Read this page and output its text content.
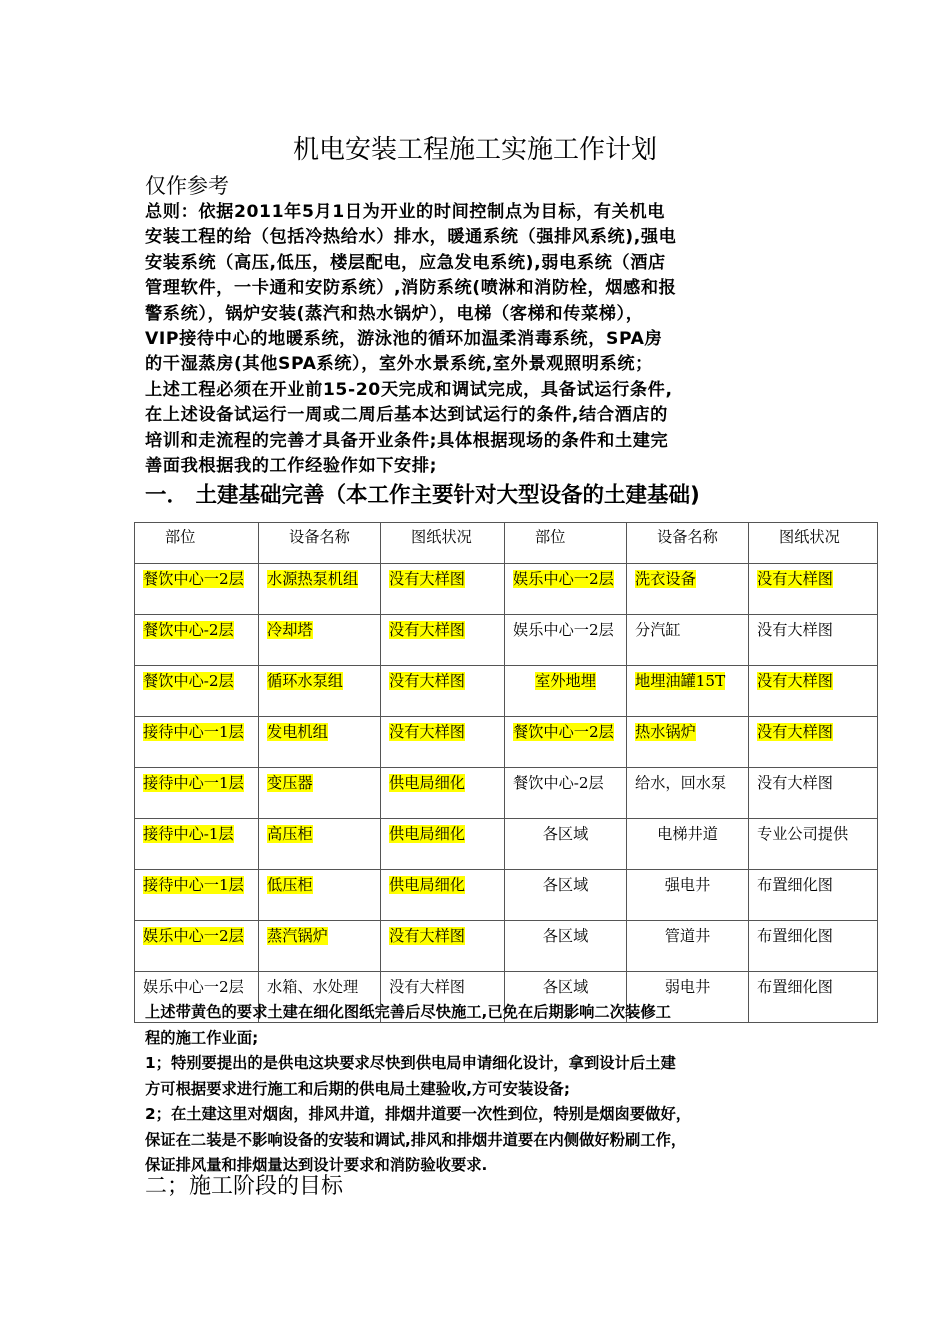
机电安装工程施工实施工作计划
仅作参考
总则：依据2011年5月1日为开业的时间控制点为目标，有关机电
安装工程的给（包括冷热给水）排水，暖通系统（强排风系统),强电
安装系统（高压,低压，楼层配电，应急发电系统),弱电系统（酒店
管理软件，一卡通和安防系统）,消防系统(喷淋和消防栓，烟感和报
警系统），锅炉安装(蒸汽和热水锅炉），电梯（客梯和传菜梯），
VIP接待中心的地暖系统，游泳池的循环加温柔消毒系统，SPA房
的干湿蒸房(其他SPA系统），室外水景系统,室外景观照明系统；
上述工程必须在开业前15-20天完成和调试完成，具备试运行条件,
在上述设备试运行一周或二周后基本达到试运行的条件,结合酒店的
培训和走流程的完善才具备开业条件;具体根据现场的条件和土建完
善面我根据我的工作经验作如下安排;
一． 土建基础完善（本工作主要针对大型设备的土建基础)
部位	设备名称	图纸状况	部位	设备名称	图纸状况
餐饮中心一2层	水源热泵机组	没有大样图	娱乐中心一2层	洗衣设备	没有大样图
餐饮中心-2层	冷却塔	没有大样图	娱乐中心一2层	分汽缸	没有大样图
餐饮中心-2层	循环水泵组	没有大样图	室外地埋	地埋油罐15T	没有大样图
接待中心一1层	发电机组	没有大样图	餐饮中心一2层	热水锅炉	没有大样图
接待中心一1层	变压器	供电局细化	餐饮中心-2层	给水，回水泵	没有大样图
接待中心-1层	高压柜	供电局细化	各区域	电梯井道	专业公司提供
接待中心一1层	低压柜	供电局细化	各区域	强电井	布置细化图
娱乐中心一2层	蒸汽锅炉	没有大样图	各区域	管道井	布置细化图
娱乐中心一2层	水箱、水处理	没有大样图	各区域	弱电井	布置细化图
上述带黄色的要求土建在细化图纸完善后尽快施工,已免在后期影响二次装修工
程的施工作业面;
1；特别要提出的是供电这块要求尽快到供电局申请细化设计，拿到设计后土建
方可根据要求进行施工和后期的供电局土建验收,方可安装设备;
2；在土建这里对烟囱，排风井道，排烟井道要一次性到位，特别是烟囱要做好，
保证在二装是不影响设备的安装和调试,排风和排烟井道要在内侧做好粉刷工作，
保证排风量和排烟量达到设计要求和消防验收要求.
二；施工阶段的目标
